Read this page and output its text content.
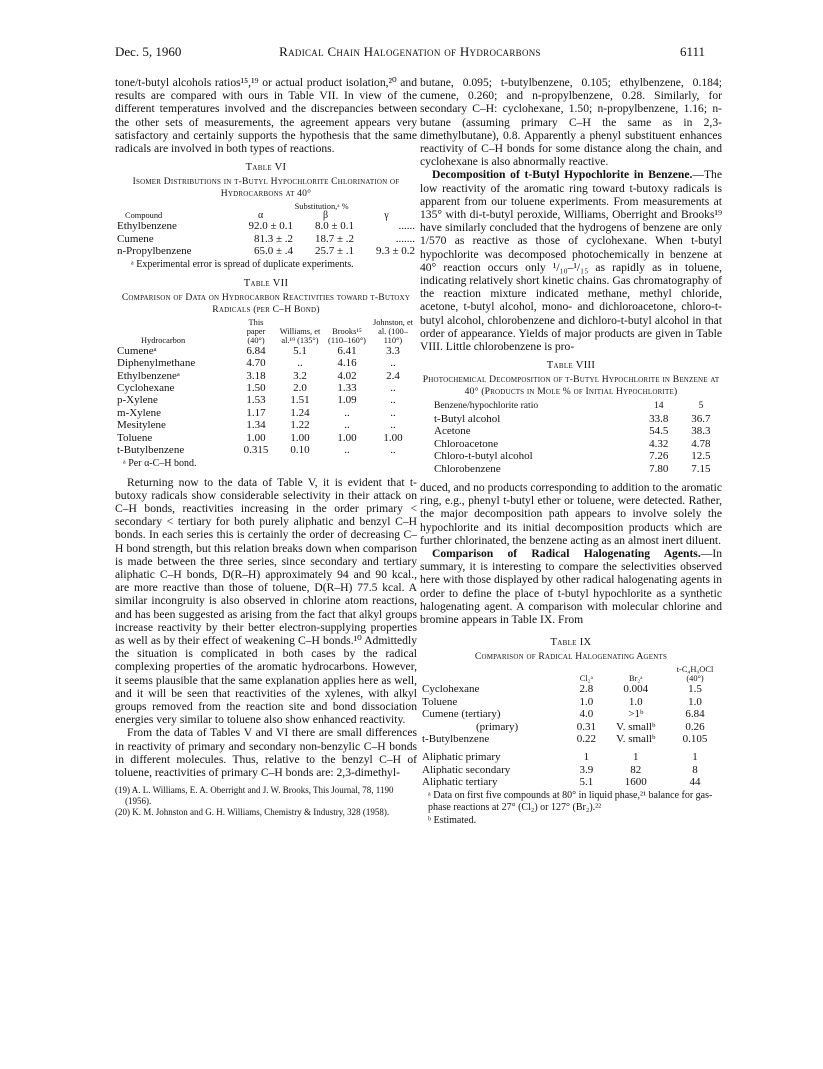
Dec. 5, 1960	Radical Chain Halogenation of Hydrocarbons	6111

tone/t-butyl alcohols ratios¹⁵,¹⁹ or actual product isolation,²⁰ and results are compared with ours in Table VII. In view of the different temperatures involved and the discrepancies between the other sets of measurements, the agreement appears very satisfactory and certainly supports the hypothesis that the same radicals are involved in both types of reactions.

Table VI
Isomer Distributions in t-Butyl Hypochlorite Chlorination of Hydrocarbons at 40°
	Substitution,ᵃ %		
Compound	α	β	γ
Ethylbenzene	92.0 ± 0.1	8.0 ± 0.1	......
Cumene	81.3 ± .2	18.7 ± .2	.......
n-Propylbenzene	65.0 ± .4	25.7 ± .1	9.3 ± 0.2
ᵃ Experimental error is spread of duplicate experiments.
Table VII
Comparison of Data on Hydrocarbon Reactivities toward t-Butoxy Radicals (per C–H Bond)
Hydrocarbon	This paper (40°)	Williams, et al.¹⁹ (135°)	Brooks¹⁵ (110–160°)	Johnston, et al. (100–110°)
Cumeneᵃ	6.84	5.1	6.41	3.3
Diphenylmethane	4.70	..	4.16	..
Ethylbenzeneᵃ	3.18	3.2	4.02	2.4
Cyclohexane	1.50	2.0	1.33	..
p-Xylene	1.53	1.51	1.09	..
m-Xylene	1.17	1.24	..	..
Mesitylene	1.34	1.22	..	..
Toluene	1.00	1.00	1.00	1.00
t-Butylbenzene	0.315	0.10	..	..
ᵃ Per α-C–H bond.

Returning now to the data of Table V, it is evident that t-butoxy radicals show considerable selectivity in their attack on C–H bonds, reactivities increasing in the order primary < secondary < tertiary for both purely aliphatic and benzyl C–H bonds. In each series this is certainly the order of decreasing C–H bond strength, but this relation breaks down when comparison is made between the three series, since secondary and tertiary aliphatic C–H bonds, D(R–H) approximately 94 and 90 kcal., are more reactive than those of toluene, D(R–H) 77.5 kcal. A similar incongruity is also observed in chlorine atom reactions, and has been suggested as arising from the fact that alkyl groups increase reactivity by their better electron-supplying properties as well as by their effect of weakening C–H bonds.¹⁰ Admittedly the situation is complicated in both cases by the radical complexing properties of the aromatic hydrocarbons. However, it seems plausible that the same explanation applies here as well, and it will be seen that reactivities of the xylenes, with alkyl groups removed from the reaction site and bond dissociation energies very similar to toluene also show enhanced reactivity.

From the data of Tables V and VI there are small differences in reactivity of primary and secondary non-benzylic C–H bonds in different molecules. Thus, relative to the benzyl C–H of toluene, reactivities of primary C–H bonds are: 2,3-dimethyl-

(19) A. L. Williams, E. A. Oberright and J. W. Brooks, This Journal, 78, 1190 (1956).
(20) K. M. Johnston and G. H. Williams, Chemistry & Industry, 328 (1958).

butane, 0.095; t-butylbenzene, 0.105; ethylbenzene, 0.184; cumene, 0.260; and n-propylbenzene, 0.28. Similarly, for secondary C–H: cyclohexane, 1.50; n-propylbenzene, 1.16; n-butane (assuming primary C–H the same as in 2,3-dimethylbutane), 0.8. Apparently a phenyl substituent enhances reactivity of C–H bonds for some distance along the chain, and cyclohexane is also abnormally reactive.

Decomposition of t-Butyl Hypochlorite in Benzene.—The low reactivity of the aromatic ring toward t-butoxy radicals is apparent from our toluene experiments. From measurements at 135° with di-t-butyl peroxide, Williams, Oberright and Brooks¹⁹ have similarly concluded that the hydrogens of benzene are only 1/570 as reactive as those of cyclohexane. When t-butyl hypochlorite was decomposed photochemically in benzene at 40° reaction occurs only ¹/₁₀–¹/₁₅ as rapidly as in toluene, indicating relatively short kinetic chains. Gas chromatography of the reaction mixture indicated methane, methyl chloride, acetone, t-butyl alcohol, mono- and dichloroacetone, chloro-t-butyl alcohol, chlorobenzene and dichloro-t-butyl alcohol in that order of appearance. Yields of major products are given in Table VIII. Little chlorobenzene is pro-

Table VIII
Photochemical Decomposition of t-Butyl Hypochlorite in Benzene at 40° (Products in Mole % of Initial Hypochlorite)
Benzene/hypochlorite ratio	14	5
t-Butyl alcohol	33.8	36.7
Acetone	54.5	38.3
Chloroacetone	4.32	4.78
Chloro-t-butyl alcohol	7.26	12.5
Chlorobenzene	7.80	7.15

duced, and no products corresponding to addition to the aromatic ring, e.g., phenyl t-butyl ether or toluene, were detected. Rather, the major decomposition path appears to involve solely the hypochlorite and its initial decomposition products which are further chlorinated, the benzene acting as an almost inert diluent.

Comparison of Radical Halogenating Agents.—In summary, it is interesting to compare the selectivities observed here with those displayed by other radical halogenating agents in order to define the place of t-butyl hypochlorite as a synthetic halogenating agent. A comparison with molecular chlorine and bromine appears in Table IX. From

Table IX
Comparison of Radical Halogenating Agents
	Cl₂ᵃ	Br₂ᵃ	t-C₄H₉OCl (40°)
Cyclohexane	2.8	0.004	1.5
Toluene	1.0	1.0	1.0
Cumene (tertiary)	4.0	>1ᵇ	6.84
(primary)	0.31	V. smallᵇ	0.26
t-Butylbenzene	0.22	V. smallᵇ	0.105
Aliphatic primary	1	1	1
Aliphatic secondary	3.9	82	8
Aliphatic tertiary	5.1	1600	44
ᵃ Data on first five compounds at 80° in liquid phase,²¹ balance for gas-phase reactions at 27° (Cl₂) or 127° (Br₂).²²
ᵇ Estimated.
